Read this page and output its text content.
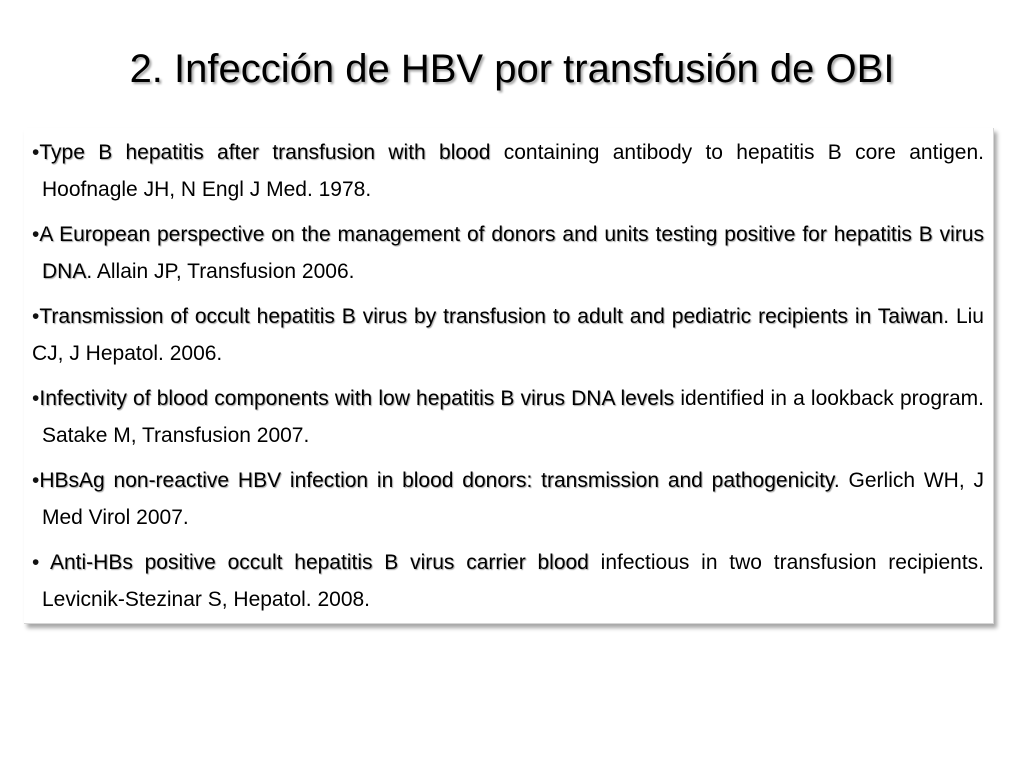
2. Infección de HBV por transfusión de OBI
•Type B hepatitis after transfusion with blood containing antibody to hepatitis B core antigen. Hoofnagle JH, N Engl J Med. 1978.
•A European perspective on the management of donors and units testing positive for hepatitis B virus DNA. Allain JP, Transfusion 2006.
•Transmission of occult hepatitis B virus by transfusion to adult and pediatric recipients in Taiwan. Liu CJ, J Hepatol. 2006.
•Infectivity of blood components with low hepatitis B virus DNA levels identified in a lookback program. Satake M, Transfusion 2007.
•HBsAg non-reactive HBV infection in blood donors: transmission and pathogenicity. Gerlich WH, J Med Virol 2007.
• Anti-HBs positive occult hepatitis B virus carrier blood infectious in two transfusion recipients. Levicnik-Stezinar S, Hepatol. 2008.
